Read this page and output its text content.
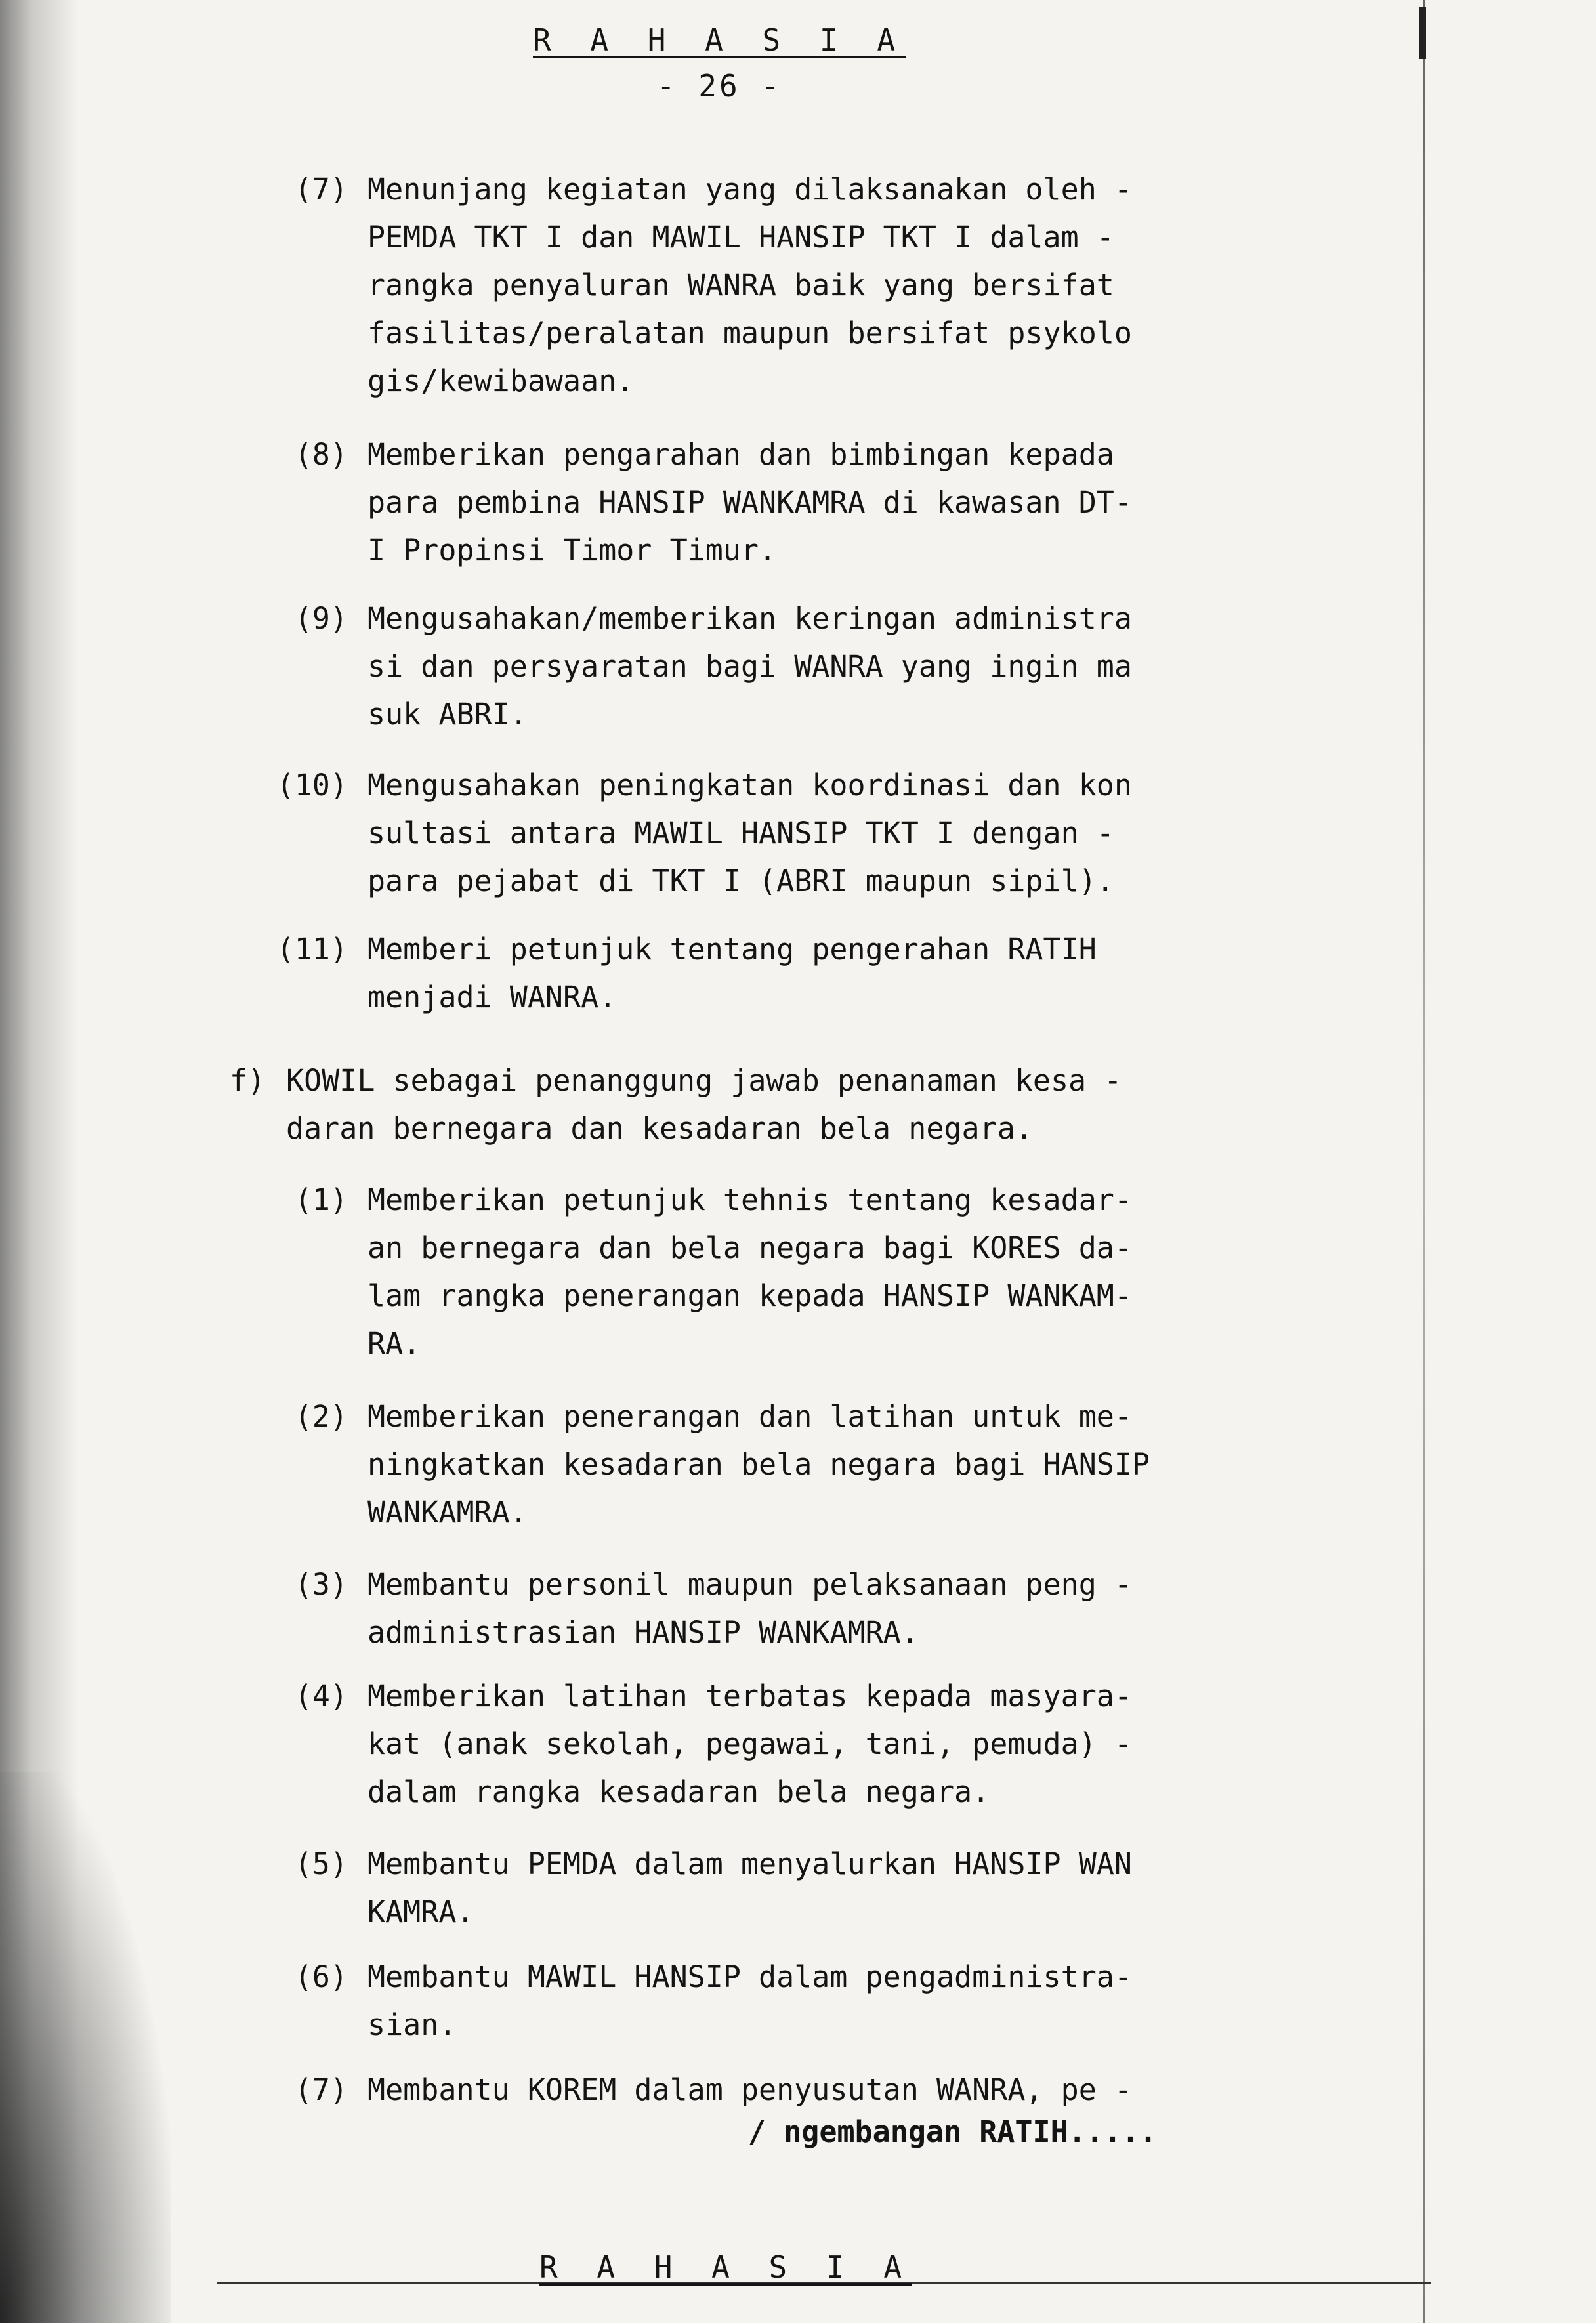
R A H A S I A
- 26 -
(7) Menunjang kegiatan yang dilaksanakan oleh -
PEMDA TKT I dan MAWIL HANSIP TKT I dalam -
rangka penyaluran WANRA baik yang bersifat
fasilitas/peralatan maupun bersifat psykolo
gis/kewibawaan.
(8) Memberikan pengarahan dan bimbingan kepada
para pembina HANSIP WANKAMRA di kawasan DT-
I Propinsi Timor Timur.
(9) Mengusahakan/memberikan keringan administra
si dan persyaratan bagi WANRA yang ingin ma
suk ABRI.
(10) Mengusahakan peningkatan koordinasi dan kon
sultasi antara MAWIL HANSIP TKT I dengan -
para pejabat di TKT I (ABRI maupun sipil).
(11) Memberi petunjuk tentang pengerahan RATIH
menjadi WANRA.
f) KOWIL sebagai penanggung jawab penanaman kesa -
daran bernegara dan kesadaran bela negara.
(1) Memberikan petunjuk tehnis tentang kesadar-
an bernegara dan bela negara bagi KORES da-
lam rangka penerangan kepada HANSIP WANKAM-
RA.
(2) Memberikan penerangan dan latihan untuk me-
ningkatkan kesadaran bela negara bagi HANSIP
WANKAMRA.
(3) Membantu personil maupun pelaksanaan peng -
administrasian HANSIP WANKAMRA.
(4) Memberikan latihan terbatas kepada masyara-
kat (anak sekolah, pegawai, tani, pemuda) -
dalam rangka kesadaran bela negara.
(5) Membantu PEMDA dalam menyalurkan HANSIP WAN
KAMRA.
(6) Membantu MAWIL HANSIP dalam pengadministra-
sian.
(7) Membantu KOREM dalam penyusutan WANRA, pe -
/ ngembangan RATIH.....
R A H A S I A
